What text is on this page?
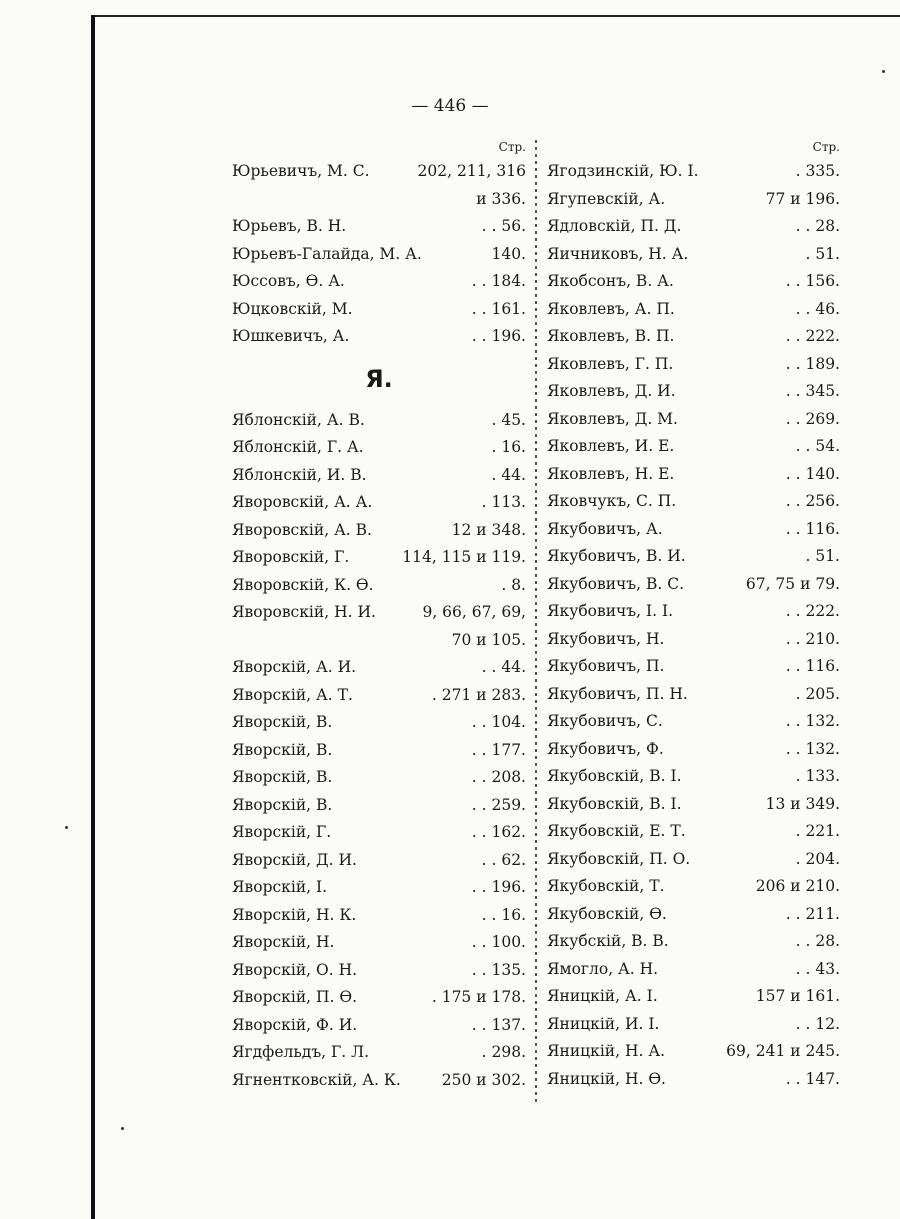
— 446 —
Стр.
Юрьевичъ, М. С.	202, 211, 316
и 336.
Юрьевъ, В. Н.	. . 56.
Юрьевъ-Галайда, М. А.	140.
Юссовъ, Ѳ. А.	. . 184.
Юцковскій, М.	. . 161.
Юшкевичъ, А.	. . 196.
Я.
Яблонскій, А. В.	. 45.
Яблонскій, Г. А.	. 16.
Яблонскій, И. В.	. 44.
Яворовскій, А. А.	. 113.
Яворовскій, А. В.	12 и 348.
Яворовскій, Г.	114, 115 и 119.
Яворовскій, К. Ѳ.	. 8.
Яворовскій, Н. И.	9, 66, 67, 69,
70 и 105.
Яворскій, А. И.	. . 44.
Яворскій, А. Т.	. 271 и 283.
Яворскій, В.	. . 104.
Яворскій, В.	. . 177.
Яворскій, В.	. . 208.
Яворскій, В.	. . 259.
Яворскій, Г.	. . 162.
Яворскій, Д. И.	. . 62.
Яворскій, І.	. . 196.
Яворскій, Н. К.	. . 16.
Яворскій, Н.	. . 100.
Яворскій, О. Н.	. . 135.
Яворскій, П. Ѳ.	. 175 и 178.
Яворскій, Ф. И.	. . 137.
Ягдфельдъ, Г. Л.	. 298.
Ягнентковскій, А. К.	250 и 302.
Стр.
Ягодзинскій, Ю. І.	. 335.
Ягупевскій, А.	77 и 196.
Ядловскій, П. Д.	. . 28.
Яичниковъ, Н. А.	. 51.
Якобсонъ, В. А.	. . 156.
Яковлевъ, А. П.	. . 46.
Яковлевъ, В. П.	. . 222.
Яковлевъ, Г. П.	. . 189.
Яковлевъ, Д. И.	. . 345.
Яковлевъ, Д. М.	. . 269.
Яковлевъ, И. Е.	. . 54.
Яковлевъ, Н. Е.	. . 140.
Яковчукъ, С. П.	. . 256.
Якубовичъ, А.	. . 116.
Якубовичъ, В. И.	. 51.
Якубовичъ, В. С.	67, 75 и 79.
Якубовичъ, І. І.	. . 222.
Якубовичъ, Н.	. . 210.
Якубовичъ, П.	. . 116.
Якубовичъ, П. Н.	. 205.
Якубовичъ, С.	. . 132.
Якубовичъ, Ф.	. . 132.
Якубовскій, В. І.	. 133.
Якубовскій, В. І.	13 и 349.
Якубовскій, Е. Т.	. 221.
Якубовскій, П. О.	. 204.
Якубовскій, Т.	206 и 210.
Якубовскій, Ѳ.	. . 211.
Якубскій, В. В.	. . 28.
Ямогло, А. Н.	. . 43.
Яницкій, А. І.	157 и 161.
Яницкій, И. І.	. . 12.
Яницкій, Н. А.	69, 241 и 245.
Яницкій, Н. Ѳ.	. . 147.
